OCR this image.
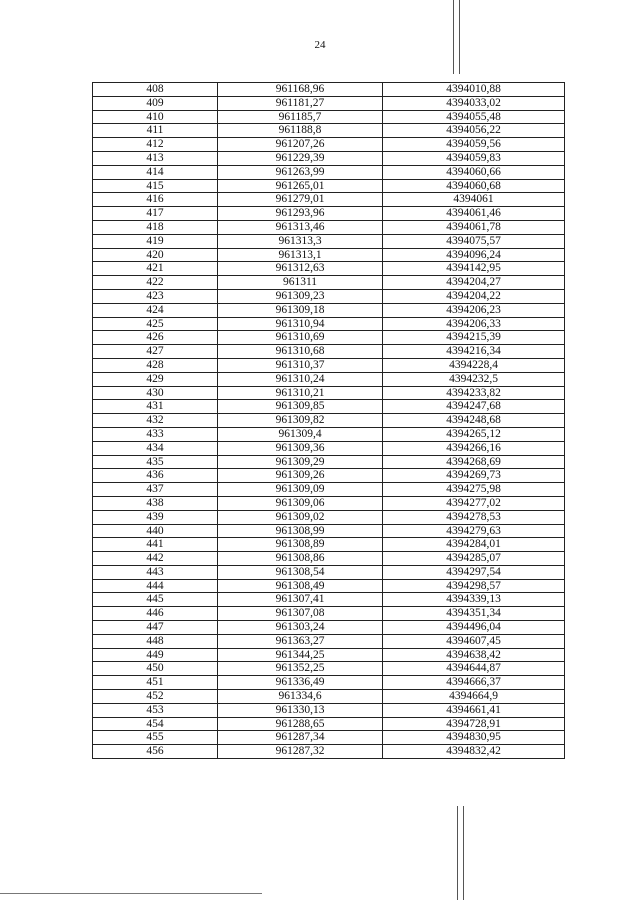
24
408	961168,96	4394010,88
409	961181,27	4394033,02
410	961185,7	4394055,48
411	961188,8	4394056,22
412	961207,26	4394059,56
413	961229,39	4394059,83
414	961263,99	4394060,66
415	961265,01	4394060,68
416	961279,01	4394061
417	961293,96	4394061,46
418	961313,46	4394061,78
419	961313,3	4394075,57
420	961313,1	4394096,24
421	961312,63	4394142,95
422	961311	4394204,27
423	961309,23	4394204,22
424	961309,18	4394206,23
425	961310,94	4394206,33
426	961310,69	4394215,39
427	961310,68	4394216,34
428	961310,37	4394228,4
429	961310,24	4394232,5
430	961310,21	4394233,82
431	961309,85	4394247,68
432	961309,82	4394248,68
433	961309,4	4394265,12
434	961309,36	4394266,16
435	961309,29	4394268,69
436	961309,26	4394269,73
437	961309,09	4394275,98
438	961309,06	4394277,02
439	961309,02	4394278,53
440	961308,99	4394279,63
441	961308,89	4394284,01
442	961308,86	4394285,07
443	961308,54	4394297,54
444	961308,49	4394298,57
445	961307,41	4394339,13
446	961307,08	4394351,34
447	961303,24	4394496,04
448	961363,27	4394607,45
449	961344,25	4394638,42
450	961352,25	4394644,87
451	961336,49	4394666,37
452	961334,6	4394664,9
453	961330,13	4394661,41
454	961288,65	4394728,91
455	961287,34	4394830,95
456	961287,32	4394832,42
